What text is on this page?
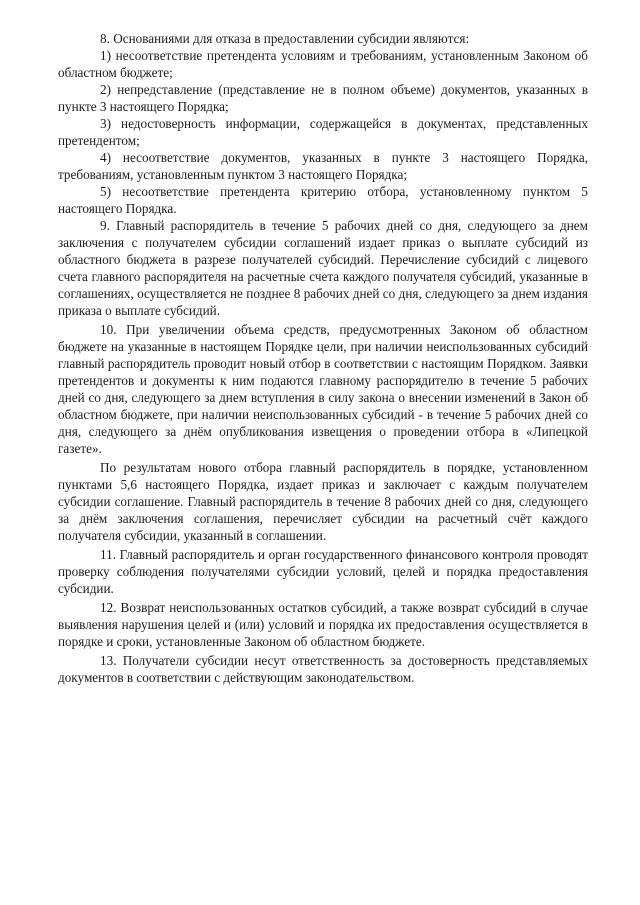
8. Основаниями для отказа в предоставлении субсидии являются:

1) несоответствие претендента условиям и требованиям, установленным Законом об областном бюджете;

2) непредставление (представление не в полном объеме) документов, указанных в пункте 3 настоящего Порядка;

3) недостоверность информации, содержащейся в документах, представленных претендентом;

4) несоответствие документов, указанных в пункте 3 настоящего Порядка, требованиям, установленным пунктом 3 настоящего Порядка;

5) несоответствие претендента критерию отбора, установленному пунктом 5 настоящего Порядка.

9. Главный распорядитель в течение 5 рабочих дней со дня, следующего за днем заключения с получателем субсидии соглашений издает приказ о выплате субсидий из областного бюджета в разрезе получателей субсидий. Перечисление субсидий с лицевого счета главного распорядителя на расчетные счета каждого получателя субсидий, указанные в соглашениях, осуществляется не позднее 8 рабочих дней со дня, следующего за днем издания приказа о выплате субсидий.

10. При увеличении объема средств, предусмотренных Законом об областном бюджете на указанные в настоящем Порядке цели, при наличии неиспользованных субсидий главный распорядитель проводит новый отбор в соответствии с настоящим Порядком. Заявки претендентов и документы к ним подаются главному распорядителю в течение 5 рабочих дней со дня, следующего за днем вступления в силу закона о внесении изменений в Закон об областном бюджете, при наличии неиспользованных субсидий - в течение 5 рабочих дней со дня, следующего за днём опубликования извещения о проведении отбора в «Липецкой газете».

По результатам нового отбора главный распорядитель в порядке, установленном пунктами 5,6 настоящего Порядка, издает приказ и заключает с каждым получателем субсидии соглашение. Главный распорядитель в течение 8 рабочих дней со дня, следующего за днём заключения соглашения, перечисляет субсидии на расчетный счёт каждого получателя субсидии, указанный в соглашении.

11. Главный распорядитель и орган государственного финансового контроля проводят проверку соблюдения получателями субсидии условий, целей и порядка предоставления субсидии.

12. Возврат неиспользованных остатков субсидий, а также возврат субсидий в случае выявления нарушения целей и (или) условий и порядка их предоставления осуществляется в порядке и сроки, установленные Законом об областном бюджете.

13. Получатели субсидии несут ответственность за достоверность представляемых документов в соответствии с действующим законодательством.
